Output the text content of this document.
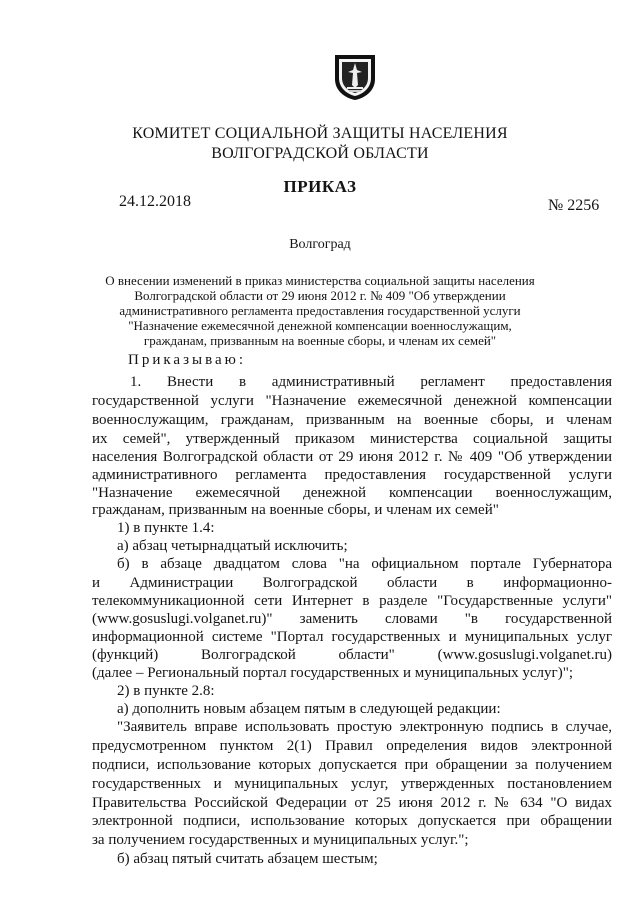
КОМИТЕТ СОЦИАЛЬНОЙ ЗАЩИТЫ НАСЕЛЕНИЯ

ВОЛГОГРАДСКОЙ ОБЛАСТИ

ПРИКАЗ

24.12.2018	№ 2256

Волгоград

О внесении изменений в приказ министерства социальной защиты населения

Волгоградской области от 29 июня 2012 г. № 409 "Об утверждении

административного регламента предоставления государственной услуги

"Назначение ежемесячной денежной компенсации военнослужащим,

гражданам, призванным на военные сборы, и членам их семей"

Приказываю:

1. Внести в административный регламент предоставления

государственной услуги "Назначение ежемесячной денежной компенсации

военнослужащим, гражданам, призванным на военные сборы, и членам

их семей", утвержденный приказом министерства социальной защиты

населения Волгоградской области от 29 июня 2012 г. № 409 "Об утверждении

административного регламента предоставления государственной услуги

"Назначение ежемесячной денежной компенсации военнослужащим,

гражданам, призванным на военные сборы, и членам их семей"

1) в пункте 1.4:

а) абзац четырнадцатый исключить;

б) в абзаце двадцатом слова "на официальном портале Губернатора

и Администрации Волгоградской области в информационно-

телекоммуникационной сети Интернет в разделе "Государственные услуги"

(www.gosuslugi.volganet.ru)" заменить словами "в государственной

информационной системе "Портал государственных и муниципальных услуг

(функций) Волгоградской области" (www.gosuslugi.volganet.ru)

(далее – Региональный портал государственных и муниципальных услуг)";

2) в пункте 2.8:

а) дополнить новым абзацем пятым в следующей редакции:

"Заявитель вправе использовать простую электронную подпись в случае,

предусмотренном пунктом 2(1) Правил определения видов электронной

подписи, использование которых допускается при обращении за получением

государственных и муниципальных услуг, утвержденных постановлением

Правительства Российской Федерации от 25 июня 2012 г. № 634 "О видах

электронной подписи, использование которых допускается при обращении

за получением государственных и муниципальных услуг.";

б) абзац пятый считать абзацем шестым;
